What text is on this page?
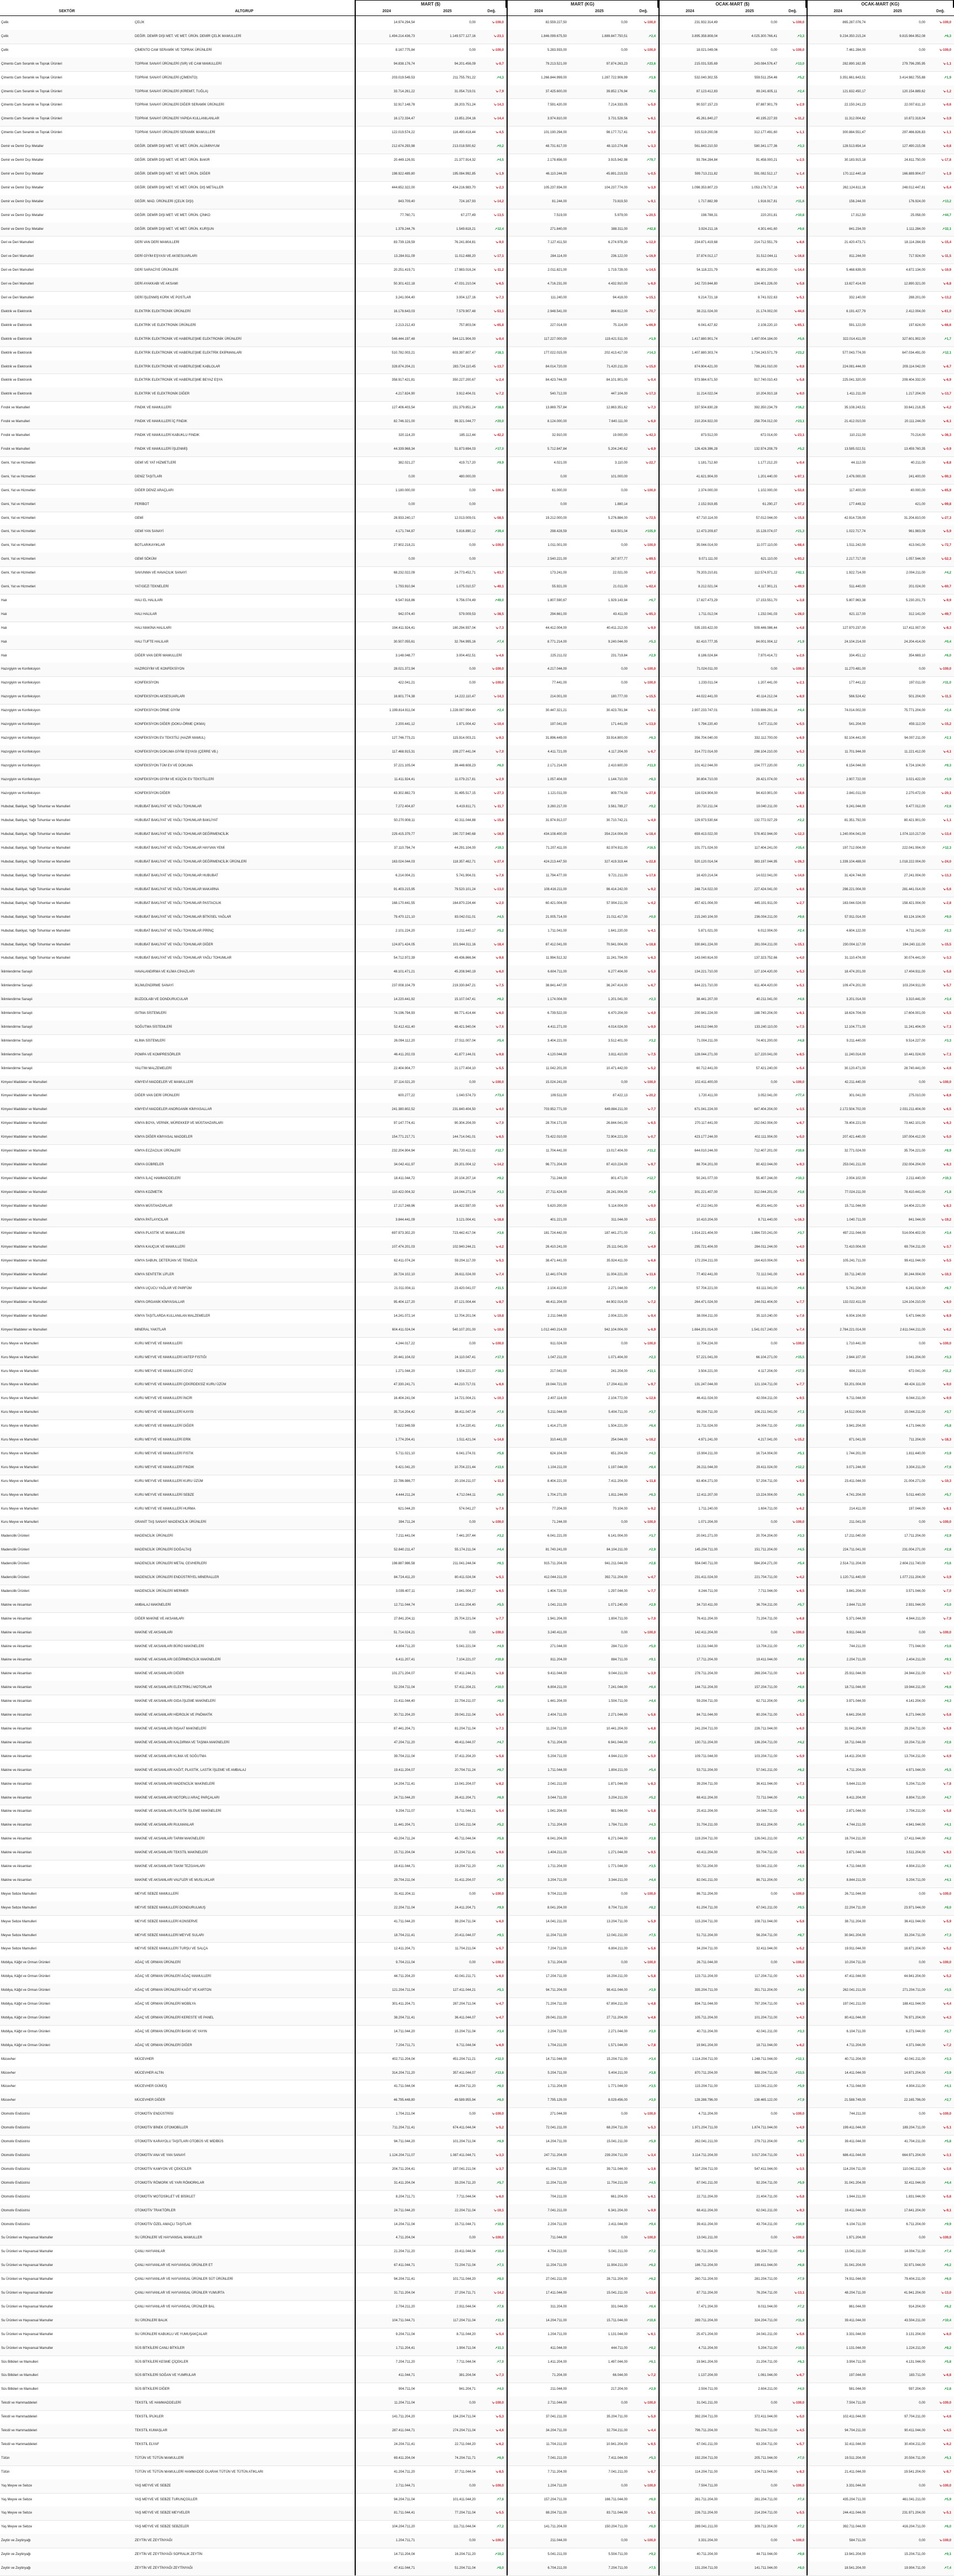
MART ($)	MART (KG)	OCAK-MART ($)	OCAK-MART (KG)
SEKTÖR	ALTGRUP	2024	2025	Değ.	2024	2025	Değ.	2024	2025	Değ.	2024	2025	Değ.
Çelik	ÇELİK	14.974.294,54	0,00	↘-100,0	82.559.227,50	0,00	↘-100,0	231.932.314,49	0,00	↘-100,0	865.287.076,74	0,00	↘-100,0
Çelik	DEĞİR. DEMİR DIŞI MET. VE MET. ÜRÜN. DEMİR ÇELİK MAMULLERİ	1.494.214.436,73	1.149.577.127,16	↘-23,1	1.846.099.675,50	1.889.847.750,51	↗2,4	3.895.358.808,04	4.025.300.766,41	↗3,3	9.234.350.215,24	9.815.964.952,08	↗6,3
Çelik	ÇİMENTO CAM SERAMİK VE TOPRAK ÜRÜNLERİ	8.167.775,84	0,00	↘-100,0	5.283.933,00	0,00	↘-100,0	18.021.049,06	0,00	↘-100,0	7.461.284,00	0,00	↘-100,0
Çimento Cam Seramik ve Toprak Ürünleri	TOPRAK SANAYİ ÜRÜNLERİ (SIR) VE CAM MAMULLERİ	94.838.176,74	94.201.456,09	↘-0,7	79.213.521,00	97.874.263,23	↗23,6	215.031.535,69	243.084.576,47	↗13,0	282.890.162,95	279.796.295,95	↘-1,1
Çimento Cam Seramik ve Toprak Ürünleri	TOPRAK SANAYİ ÜRÜNLERİ (ÇİMENTO)	203.019.549,53	211.755.791,22	↗4,3	1.266.844.999,00	1.287.722.906,99	↗1,6	532.040.302,55	559.511.254,46	↗5,2	3.351.661.643,51	3.414.982.755,88	↗1,9
Çimento Cam Seramik ve Toprak Ürünleri	TOPRAK SANAYİ ÜRÜNLERİ (KİREMİT, TUĞLA)	33.714.261,22	31.054.719,01	↘-7,9	37.425.600,00	39.852.176,94	↗6,5	87.123.412,83	89.241.605,11	↗2,4	121.632.450,17	120.154.889,62	↘-1,2
Çimento Cam Seramik ve Toprak Ürünleri	TOPRAK SANAYİ ÜRÜNLERİ DİĞER SERAMİK ÜRÜNLERİ	32.917.148,78	28.203.751,24	↘-14,3	7.591.420,00	7.214.333,05	↘-5,0	90.537.157,23	87.887.901,79	↘-2,9	22.150.241,23	22.007.611,10	↘-0,6
Çimento Cam Seramik ve Toprak Ürünleri	TOPRAK SANAYİ ÜRÜNLERİ YAPIDA KULLANILANLAR	16.172.334,47	13.851.204,16	↘-14,4	3.974.810,00	3.731.528,56	↘-6,1	45.261.840,27	40.195.227,93	↘-11,2	11.312.004,62	10.872.318,04	↘-3,9
Çimento Cam Seramik ve Toprak Ürünleri	TOPRAK SANAYİ ÜRÜNLERİ SERAMİK MAMULLERİ	122.019.574,22	116.490.418,44	↘-4,5	101.190.294,00	98.177.717,41	↘-3,0	315.519.200,08	312.177.491,60	↘-1,1	300.884.551,47	297.466.826,83	↘-1,1
Demir ve Demir Dışı Metaller	DEĞİR. DEMİR DIŞI MET. VE MET. ÜRÜN. ALÜMİNYUM	212.674.293,98	213.018.500,62	↗0,2	48.731.617,00	48.110.274,88	↘-1,3	561.843.210,50	580.341.177,36	↗3,3	128.513.654,14	127.490.215,08	↘-0,8
Demir ve Demir Dışı Metaller	DEĞİR. DEMİR DIŞI MET. VE MET. ÜRÜN. BAKIR	20.449.126,91	21.377.914,32	↗4,5	2.178.656,00	3.915.942,98	↗79,7	93.784.284,84	91.458.000,21	↘-2,5	30.183.915,18	24.811.750,00	↘-17,8
Demir ve Demir Dışı Metaller	DEĞİR. DEMİR DIŞI MET. VE MET. ÜRÜN. DİĞER	198.922.489,80	195.084.992,85	↘-1,9	46.110.244,00	45.891.219,53	↘-0,5	599.713.211,82	591.082.512,17	↘-1,4	170.112.440,18	166.889.904,07	↘-1,9
Demir ve Demir Dışı Metaller	DEĞİR. DEMİR DIŞI MET. VE MET. ÜRÜN. DIŞ METALLER	444.652.322,00	434.216.983,70	↘-2,3	105.237.934,00	104.237.774,00	↘-1,0	1.098.353.807,23	1.053.178.717,16	↘-4,1	262.124.611,16	248.012.447,81	↘-5,4
Demir ve Demir Dışı Metaller	DEĞİR. MAD. ÜRÜNLERİ (ÇELİK DIŞI)	843.709,40	724.167,93	↘-14,2	81.244,00	73.819,50	↘-9,1	1.717.882,99	1.916.917,81	↗11,6	156.244,00	176.924,00	↗13,2
Demir ve Demir Dışı Metaller	DEĞİR. DEMİR DIŞI MET. VE MET. ÜRÜN. ÇİNKO	77.760,71	67.277,49	↘-13,5	7.519,00	5.979,00	↘-20,5	198.788,31	220.201,81	↗10,8	17.312,50	25.058,00	↗44,7
Demir ve Demir Dışı Metaller	DEĞİR. DEMİR DIŞI MET. VE MET. ÜRÜN. KURŞUN	1.378.244,76	1.549.618,21	↗12,4	271.840,00	388.311,00	↗42,8	3.924.211,16	4.301.441,60	↗9,6	841.234,00	1.111.284,00	↗32,1
Deri ve Deri Mamulleri	DERİ VAN DERİ MAMULLERİ	83.739.128,59	76.241.804,81	↘-9,0	7.127.411,50	6.274.978,30	↘-12,0	234.871.419,68	214.712.551,79	↘-8,6	21.420.473,71	18.114.284,93	↘-15,4
Deri ve Deri Mamulleri	DERİ GİYİM EŞYASI VE AKSESUARLARI	13.284.911,09	11.012.488,20	↘-17,1	284.114,00	236.122,00	↘-16,9	37.874.012,17	31.512.044,11	↘-16,8	811.244,00	717.924,00	↘-11,5
Deri ve Deri Mamulleri	DERİ SARACİYE ÜRÜNLERİ	20.251.419,71	17.983.016,24	↘-11,2	2.011.821,00	1.719.728,00	↘-14,5	54.118.221,79	46.301.200,00	↘-14,4	5.468.639,00	4.872.134,00	↘-10,9
Deri ve Deri Mamulleri	DERİ AYAKKABI VE AKSAMI	50.301.422,18	47.031.210,04	↘-6,5	4.716.231,00	4.432.910,00	↘-6,0	142.720.844,80	134.401.226,00	↘-5,8	13.827.414,00	12.890.321,00	↘-6,8
Deri ve Deri Mamulleri	DERİ İŞLENMİŞ KÜRK VE POSTLAR	3.241.004,40	3.004.127,16	↘-7,3	111.240,00	94.418,00	↘-15,1	9.214.721,18	8.741.022,63	↘-5,1	332.140,00	288.201,00	↘-13,2
Elektrik ve Elektronik	ELEKTRİK ELEKTRONİK ÜRÜNLERİ	16.178.643,03	7.579.907,48	↘-53,1	2.948.541,00	864.612,00	↘-70,7	38.211.024,00	21.174.002,00	↘-44,6	6.191.427,79	2.412.004,00	↘-61,0
Elektrik ve Elektronik	ELEKTRİK VE ELEKTRONİK ÜRÜNLERİ	2.213.212,43	757.803,04	↘-65,8	227.014,00	75.114,00	↘-66,9	6.041.427,82	2.108.220,10	↘-65,1	591.122,00	197.624,00	↘-66,6
Elektrik ve Elektronik	ELEKTRİK ELEKTRONİK VE HABERLEŞME ELEKTRONİK ÜRÜNLERİ	546.444.197,48	544.121.904,00	↘-0,4	117.227.000,00	119.421.511,00	↗1,9	1.417.880.901,74	1.497.004.184,00	↗5,6	322.014.411,00	327.601.902,00	↗1,7
Elektrik ve Elektronik	ELEKTRİK ELEKTRONİK VE HABERLEŞME ELEKTRİK EKİPMANLARI	510.782.003,21	603.397.807,47	↗18,1	177.022.015,00	202.413.417,00	↗14,3	1.407.880.303,74	1.734.243.571,79	↗23,2	577.043.774,00	647.034.491,00	↗12,1
Elektrik ve Elektronik	ELEKTRİK ELEKTRONİK VE HABERLEŞME KABLOLAR	328.874.204,21	283.724.110,45	↘-13,7	84.014.720,00	71.420.211,00	↘-15,0	874.904.421,00	789.241.010,00	↘-9,8	224.081.444,00	209.114.042,00	↘-6,7
Elektrik ve Elektronik	ELEKTRİK ELEKTRONİK VE HABERLEŞME BEYAZ EŞYA	358.917.421,81	350.227.200,67	↘-2,4	84.423.744,00	84.101.901,00	↘-0,4	973.984.671,50	917.740.010,43	↘-5,8	225.041.320,00	209.404.332,00	↘-6,9
Elektrik ve Elektronik	ELEKTRİK VE ELEKTRONİK DİĞER	4.217.824,90	3.912.404,01	↘-7,2	540.712,00	447.104,00	↘-17,3	11.214.022,04	10.204.910,18	↘-9,0	1.411.211,00	1.217.204,00	↘-13,7
Fındık ve Mamulleri	FINDIK VE MAMULLERİ	127.406.403,54	151.379.851,24	↗18,8	13.869.757,84	12.863.351,62	↘-7,3	337.504.830,28	392.350.234,79	↗16,2	35.108.243,51	33.641.218,35	↘-4,2
Fındık ve Mamulleri	FINDIK VE MAMULLERİ İÇ FINDIK	82.746.321,00	99.321.044,77	↗20,0	8.124.000,00	7.640.111,00	↘-6,0	210.204.922,00	258.704.012,00	↗23,1	21.412.010,00	20.111.244,00	↘-6,1
Fındık ve Mamulleri	FINDIK VE MAMULLERİ KABUKLU FINDIK	320.114,20	185.112,44	↘-42,2	32.910,00	19.000,00	↘-42,3	873.512,00	672.014,00	↘-23,1	110.211,00	70.214,00	↘-36,3
Fındık ve Mamulleri	FINDIK VE MAMULLERİ İŞLENMİŞ	44.339.968,34	51.873.694,03	↗17,0	5.712.847,84	5.204.240,62	↘-8,9	126.426.396,28	132.974.208,79	↗5,2	13.585.022,51	13.459.760,35	↘-0,9
Gemi, Yat ve Hizmetleri	GEMİ VE YAT HİZMETLERİ	382.021,27	419.717,20	↗9,9	4.021,00	3.110,00	↘-22,7	1.181.712,60	1.177.212,20	↘-0,4	44.112,00	40.211,00	↘-8,8
Gemi, Yat ve Hizmetleri	DENİZ TAŞITLARI	0,00	480.000,00	0,00	101.000,00	41.621.904,00	1.201.440,00	↘-97,1	2.476.000,00	241.400,00	↘-90,3
Gemi, Yat ve Hizmetleri	DİĞER DENİZ ARAÇLARI	1.180.000,00	0,00	↘-100,0	61.000,00	0,00	↘-100,0	2.374.000,00	1.102.000,00	↘-53,6	117.400,00	40.000,00	↘-65,9
Gemi, Yat ve Hizmetleri	FERİBOT	0,00	0,00	0,00	1.880,14	2.152.919,85	61.290,27	↘-97,2	177.449,32	421,00	↘-99,8
Gemi, Yat ve Hizmetleri	GEMİ	28.933.240,17	12.013.009,01	↘-58,5	19.212.000,00	5.276.884,00	↘-72,5	67.710.114,00	57.012.044,00	↘-15,8	42.914.728,00	31.204.810,00	↘-27,3
Gemi, Yat ve Hizmetleri	GEMİ YAN SANAYİ	4.171.744,87	5.816.890,12	↗39,4	298.428,59	614.501,04	↗105,9	12.473.209,87	15.128.074,07	↗21,3	1.022.717,74	961.983,09	↘-5,9
Gemi, Yat ve Hizmetleri	BOTLAR/KAYIKLAR	27.902.218,21	0,00	↘-100,0	1.011.001,00	0,00	↘-100,0	35.044.014,00	11.077.110,00	↘-68,4	1.511.242,00	413.041,00	↘-72,7
Gemi, Yat ve Hizmetleri	GEMİ SÖKÜM	0,00	0,00	2.540.221,00	267.977,77	↘-89,5	9.071.111,00	621.110,00	↘-93,2	2.217.717,00	1.057.544,00	↘-52,3
Gemi, Yat ve Hizmetleri	SAVUNMA VE HAVACILIK SANAYİ	68.232.022,09	24.773.452,71	↘-63,7	173.241,00	22.021,00	↘-87,3	79.203.210,81	112.574.971,22	↗42,1	1.922.714,00	2.004.211,00	↗4,2
Gemi, Yat ve Hizmetleri	YAT/GEZİ TEKNELERİ	1.793.910,94	1.075.010,57	↘-40,1	55.921,00	21.011,00	↘-62,4	8.212.021,04	4.117.901,21	↘-49,9	511.440,00	201.024,00	↘-60,7
Halı	HALI EL HALILARI	6.547.918,86	9.756.074,49	↗49,0	1.807.590,67	1.929.143,94	↗6,7	17.827.473,29	17.153.551,70	↘-3,8	5.807.963,38	5.230.201,73	↘-9,9
Halı	HALI HALILAR	942.074,40	579.009,53	↘-38,5	294.661,00	43.411,00	↘-85,3	1.711.012,04	1.232.041,03	↘-28,0	621.117,00	312.141,00	↘-49,7
Halı	HALI MAKİNA HALILARI	194.411.924,41	180.294.937,04	↘-7,3	44.412.004,00	40.411.212,00	↘-9,0	535.193.422,00	509.446.086,44	↘-4,8	127.970.237,00	117.411.007,00	↘-8,3
Halı	HALI TUFTE HALILAR	30.507.055,61	32.764.995,16	↗7,4	8.771.214,00	9.240.044,00	↗5,3	82.410.777,35	84.001.004,12	↗1,9	24.104.214,00	24.204.414,00	↗0,4
Halı	DİĞER VAN DERİ MAMULLERİ	3.148.048,77	3.004.402,51	↘-4,6	225.211,02	231.719,84	↗2,9	8.186.024,84	7.970.414,72	↘-2,6	334.451,12	354.669,10	↗6,0
Hazırgiyim ve Konfeksiyon	HAZIRGİYİM VE KONFEKSİYON	28.021.372,94	0,00	↘-100,0	4.217.044,00	0,00	↘-100,0	71.024.011,00	0,00	↘-100,0	11.270.481,00	0,00	↘-100,0
Hazırgiyim ve Konfeksiyon	KONFEKSİYON	422.041,21	0,00	↘-100,0	77.441,00	0,00	↘-100,0	1.233.011,04	1.207.441,00	↘-2,1	177.441,22	197.011,00	↗11,0
Hazırgiyim ve Konfeksiyon	KONFEKSİYON AKSESUARLARI	16.601.774,38	14.222.110,47	↘-14,3	214.001,00	180.777,00	↘-15,5	44.022.441,00	40.114.212,04	↘-8,9	566.524,42	501.204,00	↘-11,5
Hazırgiyim ve Konfeksiyon	KONFEKSİYON ÖRME GİYİM	1.199.814.911,04	1.228.087.994,40	↗2,4	30.447.321,21	30.423.781,94	↘-0,1	2.907.233.747,01	3.033.886.291,16	↗4,4	74.014.002,00	75.771.204,00	↗2,4
Hazırgiyim ve Konfeksiyon	KONFEKSİYON DİĞER (DOKU-ÖRME ÇIKMA)	2.200.441,12	1.971.004,42	↘-10,4	197.041,00	171.441,00	↘-13,0	5.794.220,40	5.477.211,00	↘-5,5	541.204,00	459.112,00	↘-15,2
Hazırgiyim ve Konfeksiyon	KONFEKSİYON EV TEKSTİLİ (HAZIR MAMUL)	127.746.773,21	115.914.003,21	↘-9,3	31.896.449,00	33.914.800,00	↗6,3	356.704.040,00	332.112.700,00	↘-6,9	92.104.441,00	94.007.211,00	↗2,1
Hazırgiyim ve Konfeksiyon	KONFEKSİYON DOKUMA GİYİM EŞYASI (ÇERRE VB.)	117.468.915,31	109.277.441,04	↘-7,0	4.411.721,00	4.117.204,00	↘-6,7	314.772.014,00	298.104.210,00	↘-5,3	11.701.944,00	11.221.412,00	↘-4,1
Hazırgiyim ve Konfeksiyon	KONFEKSİYON TÜM EV VE DOKUMA	37.221.105,04	39.448.608,23	↗6,0	2.171.214,00	2.410.600,00	↗11,0	101.412.044,00	104.777.220,00	↗3,3	6.154.044,00	6.724.104,00	↗9,3
Hazırgiyim ve Konfeksiyon	KONFEKSİYON GİYİM VE KÜÇÜK EV TEKSTİLLERİ	11.411.924,41	11.079.217,81	↘-2,9	1.057.404,00	1.144.710,00	↗8,3	30.804.710,00	29.421.074,00	↘-4,5	2.907.722,00	3.021.422,00	↗3,9
Hazırgiyim ve Konfeksiyon	KONFEKSİYON DİĞER	43.302.882,73	31.495.517,15	↘-27,3	1.121.011,00	809.774,00	↘-27,8	116.024.904,00	94.410.901,00	↘-18,6	2.841.011,00	2.270.472,00	↘-20,1
Hububat, Bakliyat, Yağlı Tohumlar ve Mamulleri	HUBUBAT BAKLİYAT VE YAĞLI TOHUMLAR	7.272.404,87	6.419.811,71	↘-11,7	3.260.217,00	3.561.789,27	↗9,2	20.710.211,04	19.040.211,00	↘-8,1	9.241.044,00	9.477.012,00	↗2,6
Hububat, Bakliyat, Yağlı Tohumlar ve Mamulleri	HUBUBAT BAKLİYAT VE YAĞLI TOHUMLAR BAKLİYAT	50.270.908,11	42.311.044,88	↘-15,8	31.974.912,07	30.710.742,21	↘-4,0	129.973.530,64	132.772.027,29	↗2,2	81.351.792,00	80.421.901,00	↘-1,1
Hububat, Bakliyat, Yağlı Tohumlar ve Mamulleri	HUBUBAT BAKLİYAT VE YAĞLI TOHUMLAR DEĞİRMENCİLİK	229.415.379,77	190.727.940,68	↘-16,9	434.108.400,00	354.214.004,00	↘-18,4	659.413.022,00	578.402.944,00	↘-12,3	1.240.004.041,00	1.074.110.217,00	↘-13,4
Hububat, Bakliyat, Yağlı Tohumlar ve Mamulleri	HUBUBAT BAKLİYAT VE YAĞLI TOHUMLAR HAYVAN YEMİ	37.110.794,74	44.291.104,00	↗19,3	71.207.411,00	82.974.911,00	↗16,5	101.771.024,00	117.404.241,00	↗15,4	197.712.004,00	222.041.004,00	↗12,3
Hububat, Bakliyat, Yağlı Tohumlar ve Mamulleri	HUBUBAT BAKLİYAT VE YAĞLI TOHUMLAR DEĞİRMENCİLİK ÜRÜNLERİ	163.024.044,03	118.357.462,71	↘-27,4	424.213.447,50	327.419.319,44	↘-22,8	520.120.014,04	383.197.044,95	↘-26,3	1.339.104.488,00	1.018.222.004,00	↘-24,0
Hububat, Bakliyat, Yağlı Tohumlar ve Mamulleri	HUBUBAT BAKLİYAT VE YAĞLI TOHUMLAR HUBUBAT	6.214.004,21	5.741.904,01	↘-7,6	11.794.477,00	9.721.211,00	↘-17,6	16.420.214,04	14.022.041,00	↘-14,6	31.424.744,00	27.241.004,00	↘-13,3
Hububat, Bakliyat, Yağlı Tohumlar ve Mamulleri	HUBUBAT BAKLİYAT VE YAĞLI TOHUMLAR MAKARNA	91.403.215,95	79.520.101,24	↘-13,0	108.416.211,00	98.414.242,00	↘-9,2	248.714.022,00	227.424.041,00	↘-8,6	298.221.004,00	281.441.014,00	↘-5,6
Hububat, Bakliyat, Yağlı Tohumlar ve Mamulleri	HUBUBAT BAKLİYAT VE YAĞLI TOHUMLAR PASTACILIK	168.170.441,55	164.870.224,44	↘-2,0	60.421.004,00	57.904.211,00	↘-4,2	457.421.004,00	445.101.911,00	↘-2,7	163.044.024,00	158.421.004,00	↘-2,8
Hububat, Bakliyat, Yağlı Tohumlar ve Mamulleri	HUBUBAT BAKLİYAT VE YAĞLI TOHUMLAR BİTKİSEL YAĞLAR	79.470.121,10	83.042.011,01	↗4,5	21.005.714,00	21.011.417,00	↗0,0	215.240.104,00	236.004.211,00	↗9,6	57.911.014,00	63.124.104,00	↗9,0
Hububat, Bakliyat, Yağlı Tohumlar ve Mamulleri	HUBUBAT BAKLİYAT VE YAĞLI TOHUMLAR PİRİNÇ	2.101.224,20	2.211.440,17	↗5,2	1.711.041,00	1.641.220,00	↘-4,1	5.871.021,00	6.012.004,00	↗2.4	4.604.122,00	4.711.241,00	↗2,3
Hububat, Bakliyat, Yağlı Tohumlar ve Mamulleri	HUBUBAT BAKLİYAT VE YAĞLI TOHUMLAR DİĞER	124.871.424,05	101.944.311,16	↘-18,4	87.412.041,00	70.941.004,00	↘-18,8	330.841.224,00	281.004.211,00	↘-15,1	230.004.117,00	194.240.111,00	↘-15,5
Hububat, Bakliyat, Yağlı Tohumlar ve Mamulleri	HUBUBAT BAKLİYAT VE YAĞLI TOHUMLAR YAĞLI TOHUMLAR	54.712.972,39	49.436.866,94	↘-9,6	11.994.512,32	11.241.704,00	↘-6,3	143.040.614,00	137.323.752,66	↘-4,0	31.110.474,00	30.074.441,00	↘-3,3
İklimlendirme Sanayii	HAVALANDIRMA VE KLİMA CİHAZLARI	48.101.471,21	45.208.940,19	↘-6,0	6.604.711,00	6.277.404,00	↘-5,0	134.221.710,00	127.104.420,00	↘-5,3	18.474.201,00	17.404.911,00	↘-5,8
İklimlendirme Sanayii	İKLİMLENDİRME SANAYİ	237.008.104,79	219.330.847,21	↘-7,5	38.841.447,00	36.247.414,00	↘-6,7	644.221.710,00	611.404.420,00	↘-5,1	109.474.201,00	103.204.911,00	↘-5,7
İklimlendirme Sanayii	BUZDOLABI VE DONDURUCULAR	14.220.441,92	15.107.047,41	↗6,2	1.174.004,00	1.201.041,00	↗2,3	38.441.207,00	40.211.041,00	↗4,6	3.201.014,00	3.310.441,00	↗3,4
İklimlendirme Sanayii	ISITMA SİSTEMLERİ	74.196.794,93	69.771.414,44	↘-6,0	6.739.522,00	6.470.204,00	↘-4,0	200.941.224,00	188.740.204,00	↘-6,1	18.624.704,00	17.604.001,00	↘-5,5
İklimlendirme Sanayii	SOĞUTMA SİSTEMLERİ	52.412.411,40	48.421.940,04	↘-7,6	4.411.271,00	4.014.024,00	↘-9,0	144.012.044,00	133.240.110,00	↘-7,5	12.104.771,00	11.241.404,00	↘-7,1
İklimlendirme Sanayii	KLİMA SİSTEMLERİ	26.094.112,20	27.511.007,04	↗5,4	3.404.221,00	3.512.401,00	↗3,2	71.004.211,00	74.401.200,00	↗4,8	9.211.440,00	9.514.227,00	↗3,3
İklimlendirme Sanayii	POMPA VE KOMPRESÖRLER	46.411.202,03	41.877.144,01	↘-9,8	4.120.044,00	3.811.410,00	↘-7,5	128.044.271,00	117.220.041,00	↘-8,5	11.240.014,00	10.441.024,00	↘-7,1
İklimlendirme Sanayii	YALITIM MALZEMELERİ	22.404.904,77	21.177.404,10	↘-5,5	11.042.201,00	10.471.442,00	↘-5,2	60.712.441,00	57.421.240,00	↘-5,4	30.120.471,00	28.740.441,00	↘-4,6
Kimyevi Maddeler ve Mamulleri	KİMYEVİ MADDELER VE MAMULLERİ	37.114.021,20	0,00	↘-100,0	15.024.241,00	0,00	↘-100,0	102.411.400,00	0,00	↘-100,0	42.211.440,00	0,00	↘-100,0
Kimyevi Maddeler ve Mamulleri	DİĞER VAN DERİ ÜRÜNLERİ	600.277,22	1.040.574,73	↗73,4	109.511,00	87.422,13	↘-20,2	1.720.411,00	3.052.041,00	↗77,4	301.041,00	275.010,00	↘-8,6
Kimyevi Maddeler ve Mamulleri	KİMYEVİ MADDELER ANORGANİK KİMYASALLAR	241.380.802,52	231.840.404,50	↘-4,0	703.952.771,00	649.884.211,00	↘-7,7	671.041.224,00	647.404.204,00	↘-3,5	2.172.504.702,00	2.031.211.404,00	↘-6,5
Kimyevi Maddeler ve Mamulleri	KİMYA BOYA, VERNİK, MÜREKKEP VE MÜSTAHZARLARI	97.147.774,41	90.304.204,00	↘-7,0	28.704.171,00	26.844.041,00	↘-6,5	270.117.441,00	252.042.004,00	↘-6,7	78.404.221,00	73.442.101,00	↘-6,3
Kimyevi Maddeler ve Mamulleri	KİMYA DİĞER KİMYASAL MADDELER	154.771.217,71	144.714.041,01	↘-6,5	73.422.010,00	72.904.221,00	↘-0,7	423.177.244,00	402.111.004,00	↘-5,0	207.421.440,00	197.004.412,00	↘-5,0
Kimyevi Maddeler ve Mamulleri	KİMYA ECZACILIK ÜRÜNLERİ	232.204.904,94	261.720.411,02	↗12,7	11.704.441,00	13.017.404,00	↗11,2	644.010.244,00	712.407.201,00	↗10,6	32.771.024,00	35.704.221,00	↗8,9
Kimyevi Maddeler ve Mamulleri	KİMYA GÜBRELER	34.042.411,97	29.201.004,12	↘-14,2	96.771.204,00	87.410.224,00	↘-9,7	88.704.201,00	80.422.044,00	↘-9,3	253.041.211,00	232.004.204,00	↘-8,3
Kimyevi Maddeler ve Mamulleri	KİMYA İLAÇ HAMMADDELERİ	18.411.044,72	20.104.207,14	↗9,2	711.244,00	801.471,00	↗12,7	50.241.077,00	55.407.244,00	↗10,3	2.004.102,00	2.211.440,00	↗10,3
Kimyevi Maddeler ve Mamulleri	KİMYA KOZMETİK	110.422.004,32	114.044.271,04	↗3,3	27.711.424,00	28.241.004,00	↗1,9	301.221.407,00	312.044.201,00	↗3,6	77.024.211,00	78.410.441,00	↗1,8
Kimyevi Maddeler ve Mamulleri	KİMYA MÜSTAHZARLAR	17.217.248,96	16.422.597,00	↘-4,6	5.620.200,00	5.114.004,00	↘-9,0	47.212.041,00	45.201.441,00	↘-4,3	15.711.044,00	14.404.221,00	↘-8,3
Kimyevi Maddeler ve Mamulleri	KİMYA PATLAYICILAR	3.844.441,09	3.121.004,41	↘-18,8	401.221,00	311.044,00	↘-22,5	10.410.204,00	8.711.440,00	↘-16,3	1.040.711,00	841.044,00	↘-19,2
Kimyevi Maddeler ve Mamulleri	KİMYA PLASTİK VE MAMULLERİ	697.973.302,20	723.442.417,04	↗3,6	181.724.442,00	187.441.271,00	↗3,1	1.914.221.404,00	1.984.720.241,00	↗3,7	497.211.044,00	514.004.402,00	↗3,4
Kimyevi Maddeler ve Mamulleri	KİMYA KAUÇUK VE MAMULLERİ	107.474.201,03	102.940.244,21	↘-4,2	26.410.241,00	25.111.041,00	↘-4,9	295.721.404,00	284.011.244,00	↘-4,0	72.410.004,00	69.704.211,00	↘-3,7
Kimyevi Maddeler ve Mamulleri	KİMYA SABUN, DETERJAN VE TEMİZLİK	62.411.074,24	59.204.117,00	↘-5,1	38.471.441,00	35.924.411,00	↘-6,6	172.204.211,00	164.410.004,00	↘-4,5	105.241.711,00	99.411.044,00	↘-5,5
Kimyevi Maddeler ve Mamulleri	KİMYA SENTETİK LİFLER	28.724.102,10	26.611.024,00	↘-7,4	12.441.074,00	11.004.221,00	↘-11,6	77.402.441,00	72.112.041,00	↘-6,8	33.711.240,00	30.244.004,00	↘-10,3
Kimyevi Maddeler ve Mamulleri	KİMYA UÇUCU YAĞLAR VE PARFÜM	21.011.004,11	23.420.041,07	↗11,5	2.104.412,00	2.271.044,00	↗7,9	57.704.221,00	63.111.041,00	↗9,4	5.741.204,00	6.241.024,00	↗8,7
Kimyevi Maddeler ve Mamulleri	KİMYA ORGANİK KİMYASALLAR	95.404.127,20	87.121.004,44	↘-8,7	48.411.204,00	44.902.014,00	↘-7,2	264.471.024,00	244.011.404,00	↘-7,7	132.022.411,00	124.104.210,00	↘-6,0
Kimyevi Maddeler ve Mamulleri	KİMYA TAŞITLARDA KULLANILAN MALZEMELER	14.241.072,14	12.704.201,04	↘-10,8	2.211.044,00	2.004.221,00	↘-9,4	38.004.211,00	35.110.240,00	↘-7,6	6.004.104,00	5.471.044,00	↘-8,9
Kimyevi Maddeler ve Mamulleri	MİNERAL YAKITLAR	604.411.024,04	540.107.201,00	↘-10,6	1.012.440.214,00	942.104.004,00	↘-6,9	1.664.201.014,00	1.541.017.240,00	↘-7,4	2.784.221.014,00	2.611.044.211,00	↘-6,2
Kuru Meyve ve Mamulleri	KURU MEYVE VE MAMULLERİ	4.244.017,22	0,00	↘-100,0	611.024,00	0,00	↘-100,0	11.704.224,00	0,00	↘-100,0	1.710.441,00	0,00	↘-100,0
Kuru Meyve ve Mamulleri	KURU MEYVE VE MAMULLERİ ANTEP FISTIĞI	20.441.104,02	24.110.047,41	↗17,9	1.047.211,00	1.071.404,00	↗2,3	57.221.041,00	66.104.271,00	↗15,5	2.944.107,00	3.041.204,00	↗3,3
Kuru Meyve ve Mamulleri	KURU MEYVE VE MAMULLERİ CEVİZ	1.271.044,20	1.504.221,07	↗18,3	217.041,00	241.204,00	↗11,1	3.504.221,00	4.117.204,00	↗17,5	604.211,00	672.041,00	↗11,2
Kuru Meyve ve Mamulleri	KURU MEYVE VE MAMULLERİ ÇEKİRDEKSİZ KURU ÜZÜM	47.330.241,71	44.210.717,01	↘-6,6	19.044.721,00	17.204.411,00	↘-9,7	131.247.044,00	121.104.711,00	↘-7,7	53.201.004,00	48.424.111,00	↘-9,0
Kuru Meyve ve Mamulleri	KURU MEYVE VE MAMULLERİ İNCİR	16.404.241,04	14.721.004,21	↘-10,3	2.407.114,00	2.104.772,00	↘-12,6	46.411.024,00	42.004.211,00	↘-9,5	6.711.044,00	6.044.211,00	↘-9,9
Kuru Meyve ve Mamulleri	KURU MEYVE VE MAMULLERİ KAYISI	35.714.204,42	38.411.047,04	↗7,6	5.211.044,00	5.404.711,00	↗3,7	99.204.711,00	106.211.041,00	↗7,1	14.512.004,00	15.044.211,00	↗3,7
Kuru Meyve ve Mamulleri	KURU MEYVE VE MAMULLERİ DİĞER	7.822.949,59	8.714.220,41	↗11,4	1.414.271,00	1.504.221,00	↗6,4	21.711.024,00	24.004.711,00	↗10,6	3.941.204,00	4.171.044,00	↗5,8
Kuru Meyve ve Mamulleri	KURU MEYVE VE MAMULLERİ ERİK	1.774.204,41	1.511.421,04	↘-14,8	310.441,00	254.044,00	↘-18,2	4.971.241,00	4.217.041,00	↘-15,2	871.041,00	711.204,00	↘-18,3
Kuru Meyve ve Mamulleri	KURU MEYVE VE MAMULLERİ FISTIK	5.711.021,10	6.041.274,01	↗5,8	624.104,00	651.204,00	↗4,3	15.904.211,00	16.714.004,00	↗5,1	1.744.201,00	1.811.440,00	↗3,9
Kuru Meyve ve Mamulleri	KURU MEYVE VE MAMULLERİ FINDIK	9.421.041,20	10.704.221,44	↗13,6	1.104.211,00	1.197.044,00	↗8,4	26.211.044,00	29.411.024,00	↗12,2	3.071.244,00	3.304.211,00	↗7,6
Kuru Meyve ve Mamulleri	KURU MEYVE VE MAMULLERİ KURU ÜZÜM	22.786.986,77	20.104.211,07	↘-11,8	8.404.221,00	7.411.204,00	↘-11,8	63.404.271,00	57.204.711,00	↘-9,8	23.411.044,00	21.004.271,00	↘-10,3
Kuru Meyve ve Mamulleri	KURU MEYVE VE MAMULLERİ SEBZE	4.444.211,24	4.712.044,11	↗6,0	1.704.271,00	1.811.244,00	↗6,3	12.411.207,00	13.224.004,00	↗6,5	4.741.204,00	5.011.440,00	↗5,7
Kuru Meyve ve Mamulleri	KURU MEYVE VE MAMULLERİ HURMA	621.044,20	574.041,27	↘-7,6	77.204,00	70.104,00	↘-9,2	1.711.240,00	1.604.711,00	↘-6,2	214.411,00	197.044,00	↘-8,1
Kuru Meyve ve Mamulleri	GRANİT TAŞ SANAYİ MADENCİLİK ÜRÜNLERİ	394.711,24	0,00	↘-100,0	71.244,00	0,00	↘-100,0	1.071.204,00	0,00	↘-100,0	211.041,00	0,00	↘-100,0
Madencilik Ürünleri	MADENCİLİK ÜRÜNLERİ	7.211.441,04	7.441.207,44	↗3,2	6.041.221,00	6.141.004,00	↗1,7	20.041.271,00	20.704.204,00	↗3,3	17.211.040,00	17.711.204,00	↗2,9
Madencilik Ürünleri	MADENCİLİK ÜRÜNLERİ DOĞALTAŞ	52.840.211,47	55.174.211,04	↗4,4	81.740.241,00	84.104.211,00	↗2,9	145.204.711,00	151.711.204,00	↗4,5	224.711.041,00	231.004.271,00	↗2,8
Madencilik Ürünleri	MADENCİLİK ÜRÜNLERİ METAL CEVHERLERİ	198.887.986,58	211.041.244,04	↗6,1	915.711.204,00	941.211.044,00	↗2,8	554.040.711,00	584.204.271,00	↗5,4	2.514.711.204,00	2.604.211.740,00	↗3,6
Madencilik Ürünleri	MADENCİLİK ÜRÜNLERİ ENDÜSTRİYEL MİNERALLER	84.724.411,20	80.411.024,04	↘-5,1	412.044.211,00	392.711.204,00	↘-4,7	231.411.024,00	221.704.711,00	↘-4,2	1.120.711.440,00	1.077.211.204,00	↘-3,9
Madencilik Ürünleri	MADENCİLİK ÜRÜNLERİ MERMER	3.039.407,11	2.841.004,27	↘-6,5	1.404.721,00	1.297.044,00	↘-7,7	8.244.711,00	7.711.044,00	↘-6,5	3.841.204,00	3.571.044,00	↘-7,0
Makine ve Aksamları	AMBALAJ MAKİNELERİ	12.711.044,74	13.411.204,40	↗5,5	1.041.211,00	1.071.240,00	↗2,9	34.710.411,00	36.704.211,00	↗5,7	2.844.711,00	2.931.044,00	↗3,0
Makine ve Aksamları	DİĞER MAKİNE VE AKSAMLARI	27.841.204,11	25.704.221,04	↘-7,7	1.941.204,00	1.804.711,00	↘-7,0	76.411.204,00	71.204.711,00	↘-6,8	5.371.044,00	4.944.211,00	↘-7,9
Makine ve Aksamları	MAKİNE VE AKSAMLARI	51.714.024,21	0,00	↘-100,0	3.240.411,00	0,00	↘-100,0	142.411.204,00	0,00	↘-100,0	8.911.044,00	0,00	↘-100,0
Makine ve Aksamları	MAKİNE VE AKSAMLARI BÜRO MAKİNELERİ	4.804.711,20	5.041.221,04	↗4,9	271.044,00	284.711,00	↗5,0	13.211.044,00	13.704.211,00	↗3,7	744.211,00	771.044,00	↗3,6
Makine ve Aksamları	MAKİNE VE AKSAMLARI DEĞİRMENCİLİK MAKİNELERİ	6.411.207,41	7.104.221,07	↗10,8	811.204,00	884.711,00	↗9,1	17.711.204,00	19.411.044,00	↗9,6	2.204.711,00	2.404.211,00	↗9,1
Makine ve Aksamları	MAKİNE VE AKSAMLARI DİĞER	101.271.204,07	97.411.244,21	↘-3,8	9.411.044,00	9.044.211,00	↘-3,9	278.711.204,00	269.204.711,00	↘-3,4	25.911.044,00	24.944.211,00	↘-3,7
Makine ve Aksamları	MAKİNE VE AKSAMLARI ELEKTRİKLİ MOTORLAR	52.204.711,04	57.411.204,21	↗10,0	6.804.211,00	7.241.044,00	↗6,4	144.711.204,00	157.204.711,00	↗8,6	18.711.044,00	19.944.211,00	↗6,6
Makine ve Aksamları	MAKİNE VE AKSAMLARI GIDA İŞLEME MAKİNELERİ	21.411.044,40	22.704.211,07	↗6,0	1.441.204,00	1.504.711,00	↗4,4	59.204.711,00	62.711.204,00	↗5,9	3.971.044,00	4.141.204,00	↗4,3
Makine ve Aksamları	MAKİNE VE AKSAMLARI HİDROLİK VE PNÖMATİK	30.711.204,20	29.041.211,04	↘-5,4	2.404.711,00	2.271.044,00	↘-5,6	84.711.044,00	80.204.711,00	↘-5,3	6.641.204,00	6.271.044,00	↘-5,6
Makine ve Aksamları	MAKİNE VE AKSAMLARI İNŞAAT MAKİNELERİ	87.441.204,71	81.204.711,04	↘-7,1	11.204.711,00	10.441.204,00	↘-6,8	241.204.711,00	226.711.044,00	↘-6,0	31.041.204,00	29.204.711,00	↘-5,9
Makine ve Aksamları	MAKİNE VE AKSAMLARI KALDIRMA VE TAŞIMA MAKİNELERİ	47.204.711,20	49.411.044,07	↗4,7	6.711.204,00	6.941.044,00	↗3,4	130.711.204,00	136.204.711,00	↗4,2	18.711.044,00	19.204.711,00	↗2,6
Makine ve Aksamları	MAKİNE VE AKSAMLARI KLİMA VE SOĞUTMA	39.704.211,04	37.411.204,20	↘-5,8	5.204.711,00	4.944.211,00	↘-5,0	109.711.044,00	103.204.711,00	↘-5,9	14.411.204,00	13.704.211,00	↘-4,9
Makine ve Aksamları	MAKİNE VE AKSAMLARI KAĞIT, PLASTİK, LASTİK İŞLEME VE AMBALAJ	19.411.204,07	20.704.711,24	↗6,7	1.711.044,00	1.804.211,00	↗5,4	53.711.204,00	57.041.211,00	↗6,2	4.711.204,00	4.971.044,00	↗5,5
Makine ve Aksamları	MAKİNE VE AKSAMLARI MADENCİLİK MAKİNELERİ	14.204.711,41	13.041.204,07	↘-8,2	2.041.211,00	1.871.044,00	↘-8,3	39.204.711,00	36.411.044,00	↘-7,1	5.644.211,00	5.204.711,00	↘-7,8
Makine ve Aksamları	MAKİNE VE AKSAMLARI MOTORLU ARAÇ PARÇALARI	24.711.044,20	26.411.204,71	↗6,9	3.044.711,00	3.204.211,00	↗5,2	68.411.204,00	72.711.044,00	↗6,3	8.411.204,00	8.804.711,00	↗4,7
Makine ve Aksamları	MAKİNE VE AKSAMLARI PLASTİK İŞLEME MAKİNELERİ	9.204.711,07	8.711.044,21	↘-5,4	1.041.204,00	981.044,00	↘-5,8	25.411.204,00	24.044.711,00	↘-5,4	2.871.044,00	2.704.211,00	↘-5,8
Makine ve Aksamları	MAKİNE VE AKSAMLARI RULMANLAR	11.441.204,71	12.041.211,04	↗5,2	1.711.204,00	1.784.711,00	↗4,3	31.704.211,00	33.411.204,00	↗5,4	4.744.211,00	4.941.044,00	↗4,1
Makine ve Aksamları	MAKİNE VE AKSAMLARI TARIM MAKİNELERİ	43.204.711,24	45.711.044,04	↗5,8	6.041.204,00	6.271.044,00	↗3,8	119.204.711,00	126.041.211,00	↗5,7	16.704.211,00	17.411.044,00	↗4,2
Makine ve Aksamları	MAKİNE VE AKSAMLARI TEKSTİL MAKİNELERİ	15.711.204,04	14.204.711,41	↘-9,6	1.404.211,00	1.271.044,00	↘-9,5	43.411.204,00	39.704.711,00	↘-8,5	3.871.044,00	3.511.204,00	↘-9,3
Makine ve Aksamları	MAKİNE VE AKSAMLARI TAKIM TEZGAHLARI	18.411.044,71	19.204.711,20	↗4,3	1.711.204,00	1.771.044,00	↗3,5	50.711.204,00	53.041.211,00	↗4,6	4.711.044,00	4.904.211,00	↗4,1
Makine ve Aksamları	MAKİNE VE AKSAMLARI VALFLER VE MUSLUKLAR	29.704.211,04	31.411.204,07	↗5,7	3.204.711,00	3.344.211,00	↗4,4	82.041.211,00	86.711.204,00	↗5,7	8.844.211,00	9.204.711,00	↗4,1
Meyve Sebze Mamulleri	MEYVE SEBZE MAMULLERİ	31.411.204,11	0,00	↘-100,0	9.704.211,00	0,00	↘-100,0	86.711.204,00	0,00	↘-100,0	26.711.044,00	0,00	↘-100,0
Meyve Sebze Mamulleri	MEYVE SEBZE MAMULLERİ DONDURULMUŞ	22.204.711,04	24.411.204,71	↗9,9	8.041.204,00	8.704.711,00	↗8,2	61.204.711,00	67.041.211,00	↗9,5	22.204.711,00	23.971.044,00	↗8,0
Meyve Sebze Mamulleri	MEYVE SEBZE MAMULLERİ KONSERVE	41.711.044,20	39.204.711,04	↘-6,0	14.041.211,00	13.204.711,00	↘-5,9	115.204.711,00	108.711.044,00	↘-5,6	38.711.204,00	36.411.044,00	↘-5,9
Meyve Sebze Mamulleri	MEYVE SEBZE MAMULLERİ MEYVE SULARI	18.704.211,41	20.411.044,07	↗9,1	11.204.711,00	12.041.211,00	↗7,5	51.711.204,00	56.204.711,00	↗8,7	30.941.204,00	33.204.711,00	↗7,3
Meyve Sebze Mamulleri	MEYVE SEBZE MAMULLERİ TURŞU VE SALÇA	12.411.204,71	11.704.211,04	↘-5,7	7.204.711,00	6.804.211,00	↘-5,6	34.204.711,00	32.411.044,00	↘-5,2	19.911.044,00	18.871.204,00	↘-5,2
Mobilya, Kâğıt ve Orman Ürünleri	AĞAÇ VE ORMAN ÜRÜNLERİ	9.704.211,04	0,00	↘-100,0	3.711.204,00	0,00	↘-100,0	26.711.044,00	0,00	↘-100,0	10.204.711,00	0,00	↘-100,0
Mobilya, Kâğıt ve Orman Ürünleri	AĞAÇ VE ORMAN ÜRÜNLERİ AĞAÇ MAMULLERİ	44.711.204,20	42.041.211,71	↘-6,0	17.204.711,00	16.204.211,00	↘-5,8	123.711.204,00	117.204.711,00	↘-5,3	47.411.044,00	44.941.204,00	↘-5,2
Mobilya, Kâğıt ve Orman Ürünleri	AĞAÇ VE ORMAN ÜRÜNLERİ KAĞIT VE KARTON	121.204.711,04	127.411.044,21	↗5,1	94.711.204,00	98.411.044,00	↗3,9	335.204.711,00	351.711.204,00	↗4,9	262.041.211,00	271.204.711,00	↗3,5
Mobilya, Kâğıt ve Orman Ürünleri	AĞAÇ VE ORMAN ÜRÜNLERİ MOBİLYA	301.411.204,71	287.204.711,04	↘-4,7	71.204.711,00	67.804.211,00	↘-4,8	834.711.044,00	797.204.711,00	↘-4,5	197.041.211,00	188.411.044,00	↘-4,4
Mobilya, Kâğıt ve Orman Ürünleri	AĞAÇ VE ORMAN ÜRÜNLERİ KERESTE VE PANEL	38.204.711,41	36.411.044,07	↘-4,7	29.041.211,00	27.711.204,00	↘-4,6	105.711.204,00	101.204.711,00	↘-4,3	80.411.044,00	76.971.204,00	↘-4,3
Mobilya, Kâğıt ve Orman Ürünleri	AĞAÇ VE ORMAN ÜRÜNLERİ BASKI VE YAYIN	14.711.044,20	15.204.711,04	↗3,4	2.204.711,00	2.271.044,00	↗3,0	40.711.204,00	42.041.211,00	↗3,3	6.104.711,00	6.271.044,00	↗2,7
Mobilya, Kâğıt ve Orman Ürünleri	AĞAÇ VE ORMAN ÜRÜNLERİ DİĞER	7.204.711,71	6.711.044,04	↘-6,9	1.704.211,00	1.571.044,00	↘-7,8	19.941.204,00	18.711.044,00	↘-6,2	4.711.204,00	4.371.044,00	↘-7,2
Mücevher	MÜCEVHER	402.711.204,04	451.204.711,21	↗12,0	14.711.044,00	15.204.711,00	↗3,4	1.114.204.711,00	1.248.711.044,00	↗12,1	40.711.204,00	42.041.211,00	↗3,3
Mücevher	MÜCEVHER ALTIN	314.204.711,20	357.411.044,07	↗13,8	5.204.711,00	5.404.211,00	↗3,8	870.711.204,00	988.204.711,00	↗13,5	14.411.044,00	14.971.204,00	↗3,9
Mücevher	MÜCEVHER GÜMÜŞ	41.711.044,04	44.204.711,20	↗6,0	1.711.204,00	1.771.044,00	↗3,5	115.204.711,00	122.041.211,00	↗5,9	4.711.044,00	4.904.211,00	↗4,1
Mücevher	MÜCEVHER DİĞER	46.795.448,80	49.589.955,94	↗6,0	7.795.129,00	8.029.456,00	↗3,0	128.288.796,00	138.465.122,00	↗7,9	21.588.749,00	22.165.796,00	↗2,7
Otomotiv Endüstrisi	OTOMOTİV ENDÜSTRİSİ	1.704.211,04	0,00	↘-100,0	271.044,00	0,00	↘-100,0	4.711.204,00	0,00	↘-100,0	744.211,00	0,00	↘-100,0
Otomotiv Endüstrisi	OTOMOTİV BİNEK OTOMOBİLLER	711.204.711,41	674.411.044,04	↘-5,2	72.041.211,00	68.204.711,00	↘-5,3	1.971.204.711,00	1.874.711.044,00	↘-4,9	199.411.044,00	189.204.711,00	↘-5,1
Otomotiv Endüstrisi	OTOMOTİV KARAYOLU TAŞITLARI OTOBÜS VE MİDİBÜS	94.711.044,20	101.204.711,04	↗6,9	14.204.711,00	15.041.211,00	↗5,9	262.041.211,00	279.711.204,00	↗6,7	39.411.044,00	41.704.211,00	↗5,8
Otomotiv Endüstrisi	OTOMOTİV ANA VE YAN SANAYİ	1.124.204.711,07	1.087.411.044,71	↘-3,3	247.711.204,00	239.204.711,00	↘-3,4	3.114.711.204,00	3.017.204.711,00	↘-3,1	686.411.044,00	664.971.204,00	↘-3,1
Otomotiv Endüstrisi	OTOMOTİV KAMYON VE ÇEKİCİLER	204.711.204,41	197.041.211,04	↘-3,7	41.204.711,00	39.711.044,00	↘-3,6	567.204.711,00	547.411.044,00	↘-3,5	114.204.711,00	110.041.211,00	↘-3,6
Otomotiv Endüstrisi	OTOMOTİV RÖMORK VE YARI RÖMORKLAR	31.411.204,04	33.204.711,20	↗5,7	11.204.711,00	11.704.211,00	↗4,5	87.041.211,00	92.204.711,00	↗5,9	31.041.204,00	32.411.044,00	↗4,4
Otomotiv Endüstrisi	OTOMOTİV MOTOSİKLET VE BİSİKLET	8.204.711,71	7.711.044,04	↘-6,0	704.211,00	661.204,00	↘-6,1	22.711.204,00	21.404.711,00	↘-5,8	1.944.211,00	1.831.044,00	↘-5,8
Otomotiv Endüstrisi	OTOMOTİV TRAKTÖRLER	24.711.044,20	22.204.711,04	↘-10,1	7.041.211,00	6.341.204,00	↘-9,9	68.411.204,00	62.041.211,00	↘-9,3	19.411.044,00	17.641.204,00	↘-9,1
Otomotiv Endüstrisi	OTOMOTİV ÖZEL AMAÇLI TAŞITLAR	14.204.711,04	15.711.044,71	↗10,6	2.204.711,00	2.411.044,00	↗9,4	39.411.204,00	43.704.211,00	↗10,9	6.104.711,00	6.711.204,00	↗9,9
Su Ürünleri ve Hayvansal Mamuller	SU ÜRÜNLERİ VE HAYVANSAL MAMULLER	4.711.204,04	0,00	↘-100,0	711.044,00	0,00	↘-100,0	13.041.211,00	0,00	↘-100,0	1.971.204,00	0,00	↘-100,0
Su Ürünleri ve Hayvansal Mamuller	ÇANLI HAYVANLAR	21.204.711,20	23.411.044,04	↗10,4	4.704.211,00	5.041.211,00	↗7,2	58.711.204,00	64.204.711,00	↗9,4	13.041.211,00	14.004.711,00	↗7,4
Su Ürünleri ve Hayvansal Mamuller	ÇANLI HAYVANLAR VE HAYVANSAL ÜRÜNLER ET	67.411.044,71	72.204.711,04	↗7,1	11.204.711,00	11.904.211,00	↗6,2	186.711.204,00	199.411.044,00	↗6,8	31.041.204,00	32.971.044,00	↗6,2
Su Ürünleri ve Hayvansal Mamuller	ÇANLI HAYVANLAR VE HAYVANSAL ÜRÜNLER SÜT ÜRÜNLERİ	94.204.711,41	101.711.044,20	↗8,0	27.041.211,00	28.711.204,00	↗6,2	260.711.204,00	281.204.711,00	↗7,9	74.911.044,00	79.404.211,00	↗6,0
Su Ürünleri ve Hayvansal Mamuller	ÇANLI HAYVANLAR VE HAYVANSAL ÜRÜNLER YUMURTA	31.711.204,04	27.204.711,71	↘-14,2	17.411.044,00	15.041.211,00	↘-13,6	87.711.204,00	76.204.711,00	↘-13,1	48.204.711,00	41.941.204,00	↘-13,0
Su Ürünleri ve Hayvansal Mamuller	ÇANLI HAYVANLAR VE HAYVANSAL ÜRÜNLER BAL	2.704.211,20	2.911.044,04	↗7,6	311.204,00	331.044,00	↗6,4	7.471.204,00	8.011.044,00	↗7,2	861.044,00	914.204,00	↗6,2
Su Ürünleri ve Hayvansal Mamuller	SU ÜRÜNLERİ BALIK	104.711.044,71	117.204.711,04	↗11,9	14.204.711,00	15.711.044,00	↗10,6	289.711.204,00	324.204.711,00	↗11,9	39.411.044,00	43.504.211,00	↗10,4
Su Ürünleri ve Hayvansal Mamuller	SU ÜRÜNLERİ KABUKLU VE YUMUŞAKÇALAR	9.204.711,04	8.711.044,20	↘-5,4	1.204.711,00	1.131.044,00	↘-6,1	25.471.204,00	24.041.211,00	↘-5,6	3.331.044,00	3.131.204,00	↘-6,0
Su Ürünleri ve Hayvansal Mamuller	SÜS BİTKİLERİ CANLI BİTKİLER	1.711.204,41	1.904.711,04	↗11,3	411.044,00	444.711,00	↗8,2	4.711.204,00	5.204.711,00	↗10,5	1.131.044,00	1.224.211,00	↗8,2
Süs Bitkileri ve Mamulleri	SÜS BİTKİLERİ KESME ÇİÇEKLER	7.204.711,20	7.711.044,04	↗7,0	1.411.204,00	1.497.044,00	↗6,1	19.941.204,00	21.204.711,00	↗6,3	3.904.711,00	4.131.044,00	↗5,8
Süs Bitkileri ve Mamulleri	SÜS BİTKİLERİ SOĞAN VE YUMRULAR	411.044,71	381.204,04	↘-7,3	71.204,00	66.044,00	↘-7,2	1.137.204,00	1.061.044,00	↘-6,7	197.044,00	183.711,00	↘-6,8
Süs Bitkileri ve Mamulleri	SÜS BİTKİLERİ DİĞER	904.711,04	941.204,71	↗4,0	211.044,00	217.204,00	↗2,9	2.504.711,00	2.604.211,00	↗4,0	581.044,00	597.204,00	↗2,8
Tekstil ve Hammaddeleri	TEKSTİL VE HAMMADDELERİ	11.204.711,04	0,00	↘-100,0	2.711.044,00	0,00	↘-100,0	31.041.211,00	0,00	↘-100,0	7.504.711,00	0,00	↘-100,0
Tekstil ve Hammaddeleri	TEKSTİL İPLİKLER	141.711.204,20	134.204.711,04	↘-5,3	37.041.211,00	35.204.711,00	↘-5,0	392.204.711,00	372.411.044,00	↘-5,0	102.411.044,00	97.704.211,00	↘-4,6
Tekstil ve Hammaddeleri	TEKSTİL KUMAŞLAR	287.411.044,71	274.204.711,04	↘-4,6	34.204.711,00	32.704.211,00	↘-4,4	796.711.204,00	761.204.711,00	↘-4,5	94.704.211,00	90.411.044,00	↘-4,5
Tekstil ve Hammaddeleri	TEKSTİL ELYAF	24.204.711,41	22.711.044,20	↘-6,2	11.704.211,00	10.941.204,00	↘-6,5	67.041.211,00	63.204.711,00	↘-5,7	32.411.044,00	30.404.211,00	↘-6,2
Tütün	TÜTÜN VE TÜTÜN MAMULLERİ	69.411.204,04	74.204.711,71	↗6,9	7.041.211,00	7.411.044,00	↗5,3	192.204.711,00	205.711.044,00	↗7,0	19.511.204,00	20.504.711,00	↗5,1
Tütün	TÜTÜN VE TÜTÜN MAMULLERİ HAMMADDE OLARAK TÜTÜN VE TÜTÜN ATIKLARI	41.204.711,20	37.711.044,04	↘-8,5	7.711.204,00	7.041.211,00	↘-8,7	114.204.711,00	104.711.044,00	↘-8,3	21.411.044,00	19.541.204,00	↘-8,7
Yaş Meyve ve Sebze	YAŞ MEYVE VE SEBZE	2.711.044,71	0,00	↘-100,0	1.204.711,00	0,00	↘-100,0	7.504.711,00	0,00	↘-100,0	3.331.044,00	0,00	↘-100,0
Yaş Meyve ve Sebze	YAŞ MEYVE VE SEBZE TURUNÇGİLLER	94.204.711,04	101.411.044,20	↗7,6	157.204.711,00	166.711.044,00	↗6,0	261.711.204,00	281.204.711,00	↗7,4	435.204.711,00	461.041.211,00	↗5,9
Yaş Meyve ve Sebze	YAŞ MEYVE VE SEBZE MEYVELER	81.711.044,41	77.204.711,04	↘-5,5	88.204.711,00	83.711.044,00	↘-5,1	226.711.204,00	214.204.711,00	↘-5,5	244.411.044,00	231.971.204,00	↘-5,1
Yaş Meyve ve Sebze	YAŞ MEYVE VE SEBZE SEBZELER	104.204.711,20	111.711.044,04	↗7,2	141.711.204,00	150.204.711,00	↗6,0	289.041.211,00	309.711.204,00	↗7,2	392.711.044,00	416.204.711,00	↗6,0
Zeytin ve Zeytinyağı	ZEYTİN VE ZEYTİNYAĞI	1.204.711,71	0,00	↘-100,0	211.044,00	0,00	↘-100,0	3.331.204,00	0,00	↘-100,0	584.711,00	0,00	↘-100,0
Zeytin ve Zeytinyağı	ZEYTİN VE ZEYTİNYAĞI SOFRALIK ZEYTİN	14.711.204,04	16.204.711,20	↗10,2	5.041.211,00	5.504.711,00	↗9,2	40.711.204,00	44.711.044,00	↗9,8	13.941.204,00	15.204.711,00	↗9,1
Zeytin ve Zeytinyağı	ZEYTİN VE ZEYTİNYAĞI ZEYTİNYAĞI	47.411.044,71	51.204.711,04	↗8,0	6.704.211,00	7.204.711,00	↗7,5	131.204.711,00	141.711.044,00	↗8,0	18.541.204,00	19.904.711,00	↗7,4
